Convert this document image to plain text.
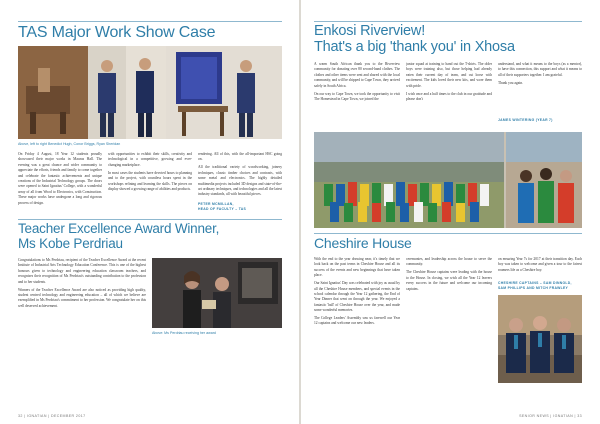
TAS Major Work Show Case
Above, left to right Benedict Hugh, Conor Briggs, Ryan Sheridan

On Friday 4 August, 18 Year 12 students proudly showcased their major works in Maurus Hall. The evening was a great chance and wider community to appreciate the efforts, friends and family to come together and celebrate the fantastic achievements and unique creations of the Industrial Technology groups. The doors were opened to Saint Ignatius' College, with a wonderful array of all from Wood to Electronics, with Construction. These major works have undergone a long and rigorous process of design.

with opportunities to exhibit their skills, creativity and technological in a competitive, growing and ever-changing marketplace.

In most cases the students have devoted hours to planning and to the project, with countless hours spent in the workshops refining and learning the skills. The pieces on display showed a growing range of abilities and products.

rendering. All of this, with the all-important HSC going on.

All the traditional variety of woodworking, joinery techniques, classic timber choices and contrasts, with some metal and electronics. The highly detailed multimedia projects included 3D designs and state-of-the-art ordinary techniques, and technologies and all the latest industry standards, all with beautiful pieces.

PETER MCMILLAN,
HEAD OF FACULTY – TAS
Teacher Excellence Award Winner,
Ms Kobe Perdriau

Congratulations to Ms Perdriau, recipient of the Teacher Excellence Award at the recent Institute of Industrial Arts Technology Education Conference. This is one of the highest honours given to technology and engineering education classroom teachers, and recognises their recognition of Ms Perdriau's outstanding contribution to the profession and to her students.

Winners of the Teacher Excellence Award are also noticed as providing high quality, student centred technology and engineering education – all of which we believe are exemplified in Ms Perdriau's commitment to her profession. We congratulate her on this well deserved achievement.

Above: Ms Perdriau receiving her award
32 | IGNATIAN | DECEMBER 2017
Enkosi Riverview!
That's a big 'thank you' in Xhosa

A warm South African thank you to the Riverview community for donating over 80 second-hand clothes. The clothes and other items were sent and shared with the local community, and will be shipped to Cape Town, they arrived safely in South Africa.

On our way to Cape Town, we took the opportunity to visit The Homestead in Cape Town, we joined the

junior squad at training to hand out the T-shirts. The older boys were training also, but those helping had already eaten their current day of team, and cut loose with excitement. The kids loved their new kits, and wore them with pride.

I wish once and a half times to the club in our gratitude and please don't

understand, and what it means to the boys (as a mentor), to have this connection, this support and what it means to all of their supporters together. I am grateful.

Thank you again.

JAMES WINTERING (YEAR 7)
Cheshire House

With the end to the year drawing near, it's timely that we look back on the past terms in Cheshire House and all its success of the events and new beginnings that have taken place.

Our Saint Ignatius' Day was celebrated with joy as usual by all the Cheshire House members, and special events in the school calendar through the Year 12 gathering, the End of Year Dinner that went on through the year. We enjoyed a fantastic 'hall' of Cheshire House over the year, and made some wonderful memories.

The College Leaders' Assembly saw us farewell our Year 12 captains and welcome our new leaders.

ceremonies, and leadership across the house to serve the community.

The Cheshire House captains were leading with the house to the House. In closing, we wish all the Year 12 leavers every success in the future and welcome our incoming captains.

on ensuring Year 7s for 2017 at their transition day. Each boy was taken to welcome and given a tour to the fairest roamers life as a Cheshire boy.

CHESHIRE CAPTAINS – SAM DINNOLD,
SAM PHILLIPS AND MITCH FRAWLEY
SENIOR NEWS | IGNATIAN | 33
